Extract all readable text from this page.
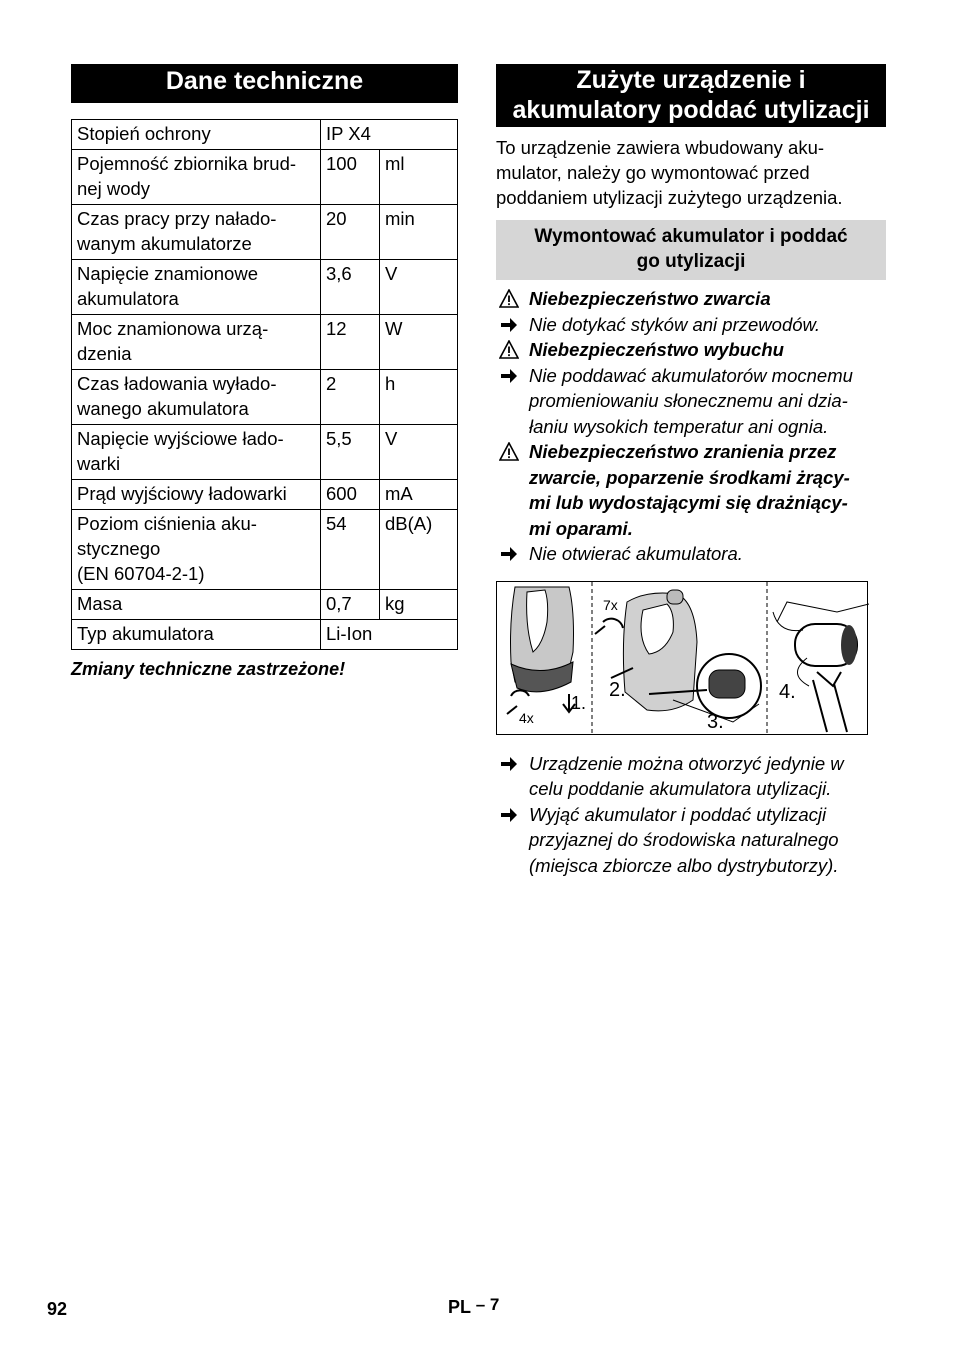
Dane techniczne
Stopień ochrony	IP X4	
Pojemność zbiornika brud-
nej wody	100	ml
Czas pracy przy nałado-
wanym akumulatorze	20	min
Napięcie znamionowe
akumulatora	3,6	V
Moc znamionowa urzą-
dzenia	12	W
Czas ładowania wyłado-
wanego akumulatora	2	h
Napięcie wyjściowe łado-
warki	5,5	V
Prąd wyjściowy ładowarki	600	mA
Poziom ciśnienia aku-
stycznego
(EN 60704-2-1)	54	dB(A)
Masa	0,7	kg
Typ akumulatora	Li-Ion	
Zmiany techniczne zastrzeżone!
Zużyte urządzenie i
akumulatory poddać utylizacji
To urządzenie zawiera wbudowany aku-
mulator, należy go wymontować przed
poddaniem utylizacji zużytego urządzenia.
Wymontować akumulator i poddać
go utylizacji
Niebezpieczeństwo zwarcia
Nie dotykać styków ani przewodów.
Niebezpieczeństwo wybuchu
Nie poddawać akumulatorów mocnemu
promieniowaniu słonecznemu ani dzia-
łaniu wysokich temperatur ani ognia.
Niebezpieczeństwo zranienia przez
zwarcie, poparzenie środkami żrący-
mi lub wydostającymi się drażniący-
mi oparami.
Nie otwierać akumulatora.
1.
4x
7x
2.
3.
4.
Urządzenie można otworzyć jedynie w
celu poddanie akumulatora utylizacji.
Wyjąć akumulator i poddać utylizacji
przyjaznej do środowiska naturalnego
(miejsca zbiorcze albo dystrybutorzy).
92	PL – 7
